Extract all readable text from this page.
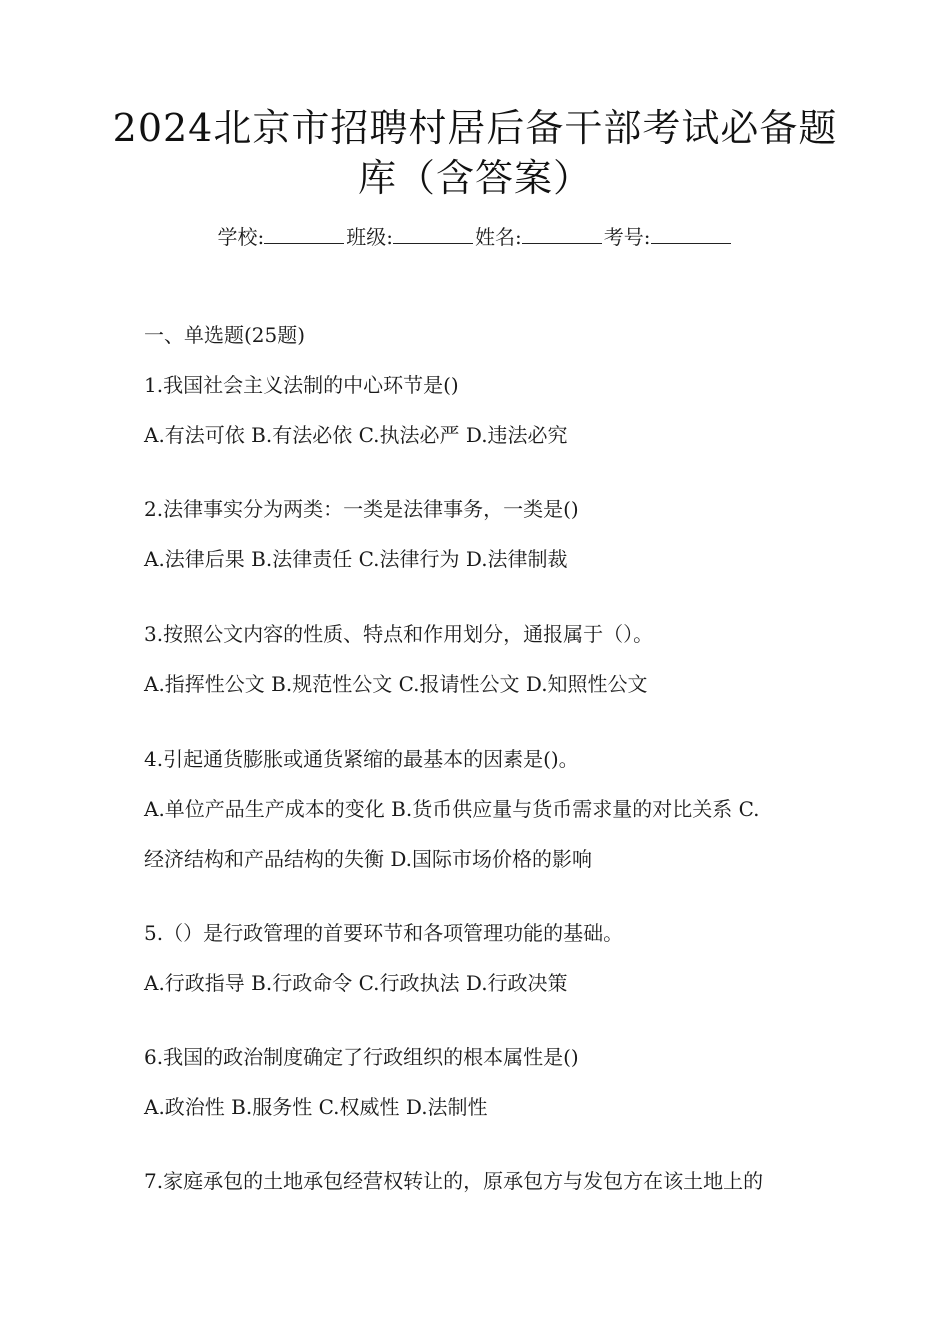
2024北京市招聘村居后备干部考试必备题
库（含答案）
学校:	班级:	姓名:	考号:
一、单选题(25题)
1.我国社会主义法制的中心环节是()
A.有法可依 B.有法必依 C.执法必严 D.违法必究
2.法律事实分为两类：一类是法律事务，一类是()
A.法律后果 B.法律责任 C.法律行为 D.法律制裁
3.按照公文内容的性质、特点和作用划分，通报属于（）。
A.指挥性公文 B.规范性公文 C.报请性公文 D.知照性公文
4.引起通货膨胀或通货紧缩的最基本的因素是()。
A.单位产品生产成本的变化 B.货币供应量与货币需求量的对比关系 C.
经济结构和产品结构的失衡 D.国际市场价格的影响
5.（）是行政管理的首要环节和各项管理功能的基础。
A.行政指导 B.行政命令 C.行政执法 D.行政决策
6.我国的政治制度确定了行政组织的根本属性是()
A.政治性 B.服务性 C.权威性 D.法制性
7.家庭承包的土地承包经营权转让的，原承包方与发包方在该土地上的
